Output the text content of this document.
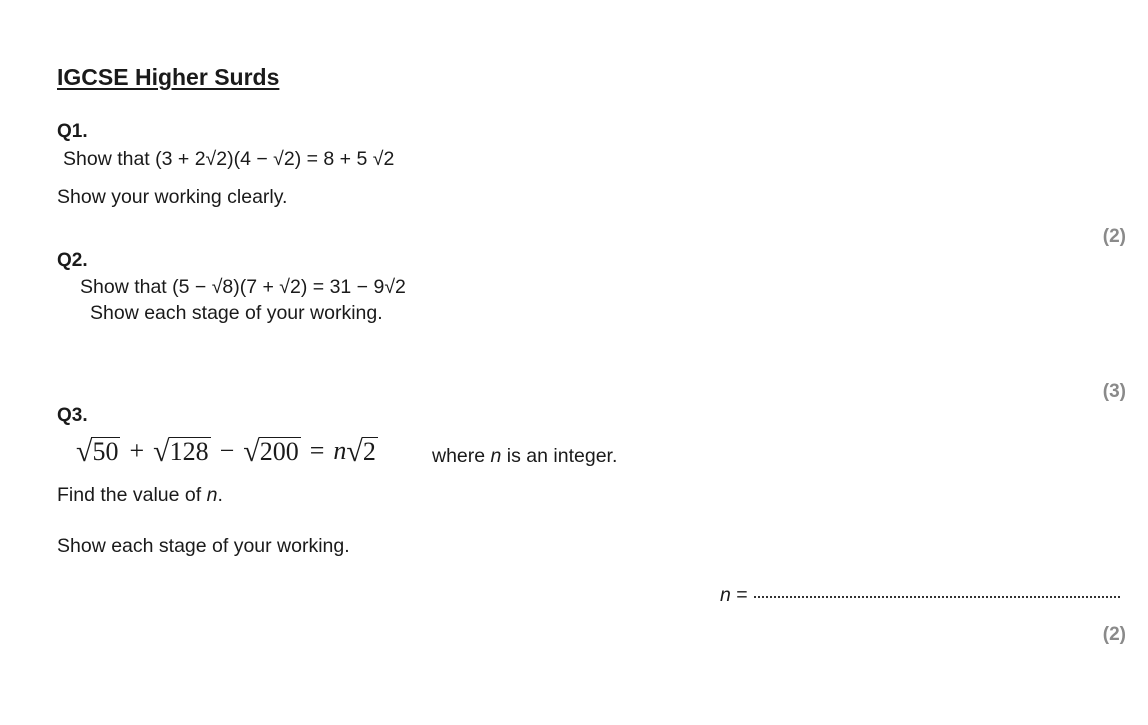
IGCSE Higher Surds
Q1.
Show that (3 + 2√2)(4 − √2) = 8 + 5 √2
Show your working clearly.
(2)
Q2.
Show that (5 − √8)(7 + √2) = 31 − 9√2
Show each stage of your working.
(3)
Q3.
√ 50 + √ 128 − √ 200 = n √ 2	where n is an integer.
Find the value of n.
Show each stage of your working.
n =
(2)
